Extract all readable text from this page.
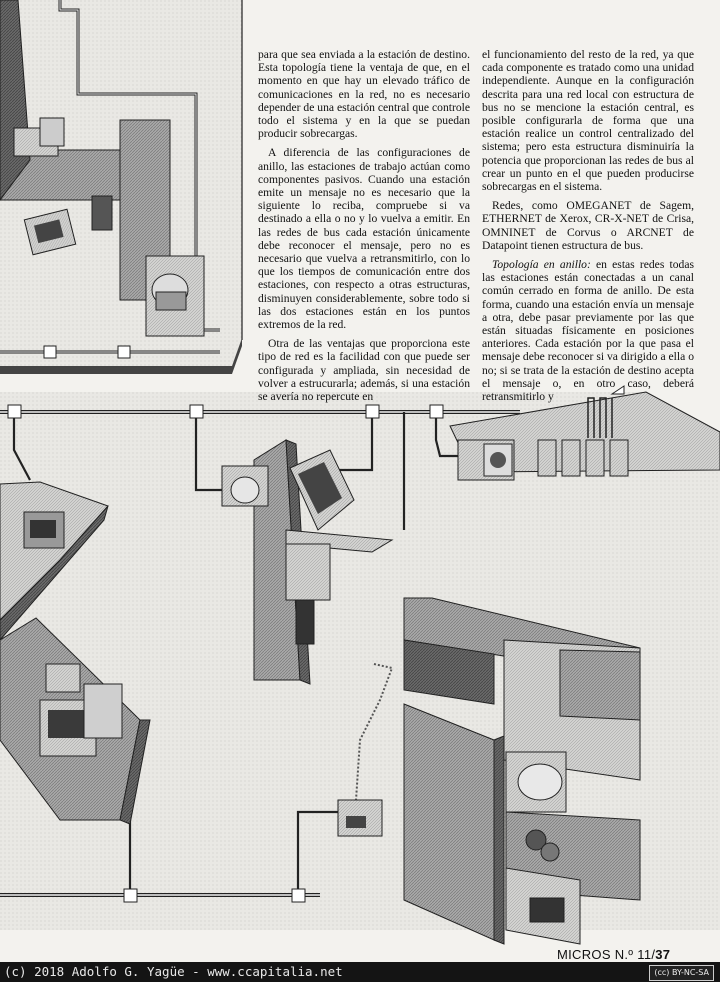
para que sea enviada a la estación de destino. Esta topología tiene la ventaja de que, en el momento en que hay un elevado tráfico de comunicaciones en la red, no es necesario depender de una estación central que controle todo el sistema y en la que se puedan producir sobrecargas.

A diferencia de las configuraciones de anillo, las estaciones de trabajo actúan como componentes pasivos. Cuando una estación emite un mensaje no es necesario que la siguiente lo reciba, compruebe si va destinado a ella o no y lo vuelva a emitir. En las redes de bus cada estación únicamente debe reconocer el mensaje, pero no es necesario que vuelva a retransmitirlo, con lo que los tiempos de comunicación entre dos estaciones, con respecto a otras estructuras, disminuyen considerablemente, sobre todo si las dos estaciones están en los puntos extremos de la red.

Otra de las ventajas que proporciona este tipo de red es la facilidad con que puede ser configurada y ampliada, sin necesidad de volver a estrucurarla; además, si una estación se avería no repercute en

el funcionamiento del resto de la red, ya que cada componente es tratado como una unidad independiente. Aunque en la configuración descrita para una red local con estructura de bus no se mencione la estación central, es posible configurarla de forma que una estación realice un control centralizado del sistema; pero esta estructura disminuiría la potencia que proporcionan las redes de bus al crear un punto en el que pueden producirse sobrecargas en el sistema.

Redes, como OMEGANET de Sagem, ETHERNET de Xerox, CR-X-NET de Crisa, OMNINET de Corvus o ARCNET de Datapoint tienen estructura de bus.

Topología en anillo: en estas redes todas las estaciones están conectadas a un canal común cerrado en forma de anillo. De esta forma, cuando una estación envía un mensaje a otra, debe pasar previamente por las que están situadas físicamente en posiciones anteriores. Cada estación por la que pasa el mensaje debe reconocer si va dirigido a ella o no; si se trata de la estación de destino acepta el mensaje o, en otro caso, deberá retransmitirlo y

MICROS N.º 11/37
(c) 2018 Adolfo G. Yagüe - www.ccapitalia.net	(cc) BY-NC-SA
